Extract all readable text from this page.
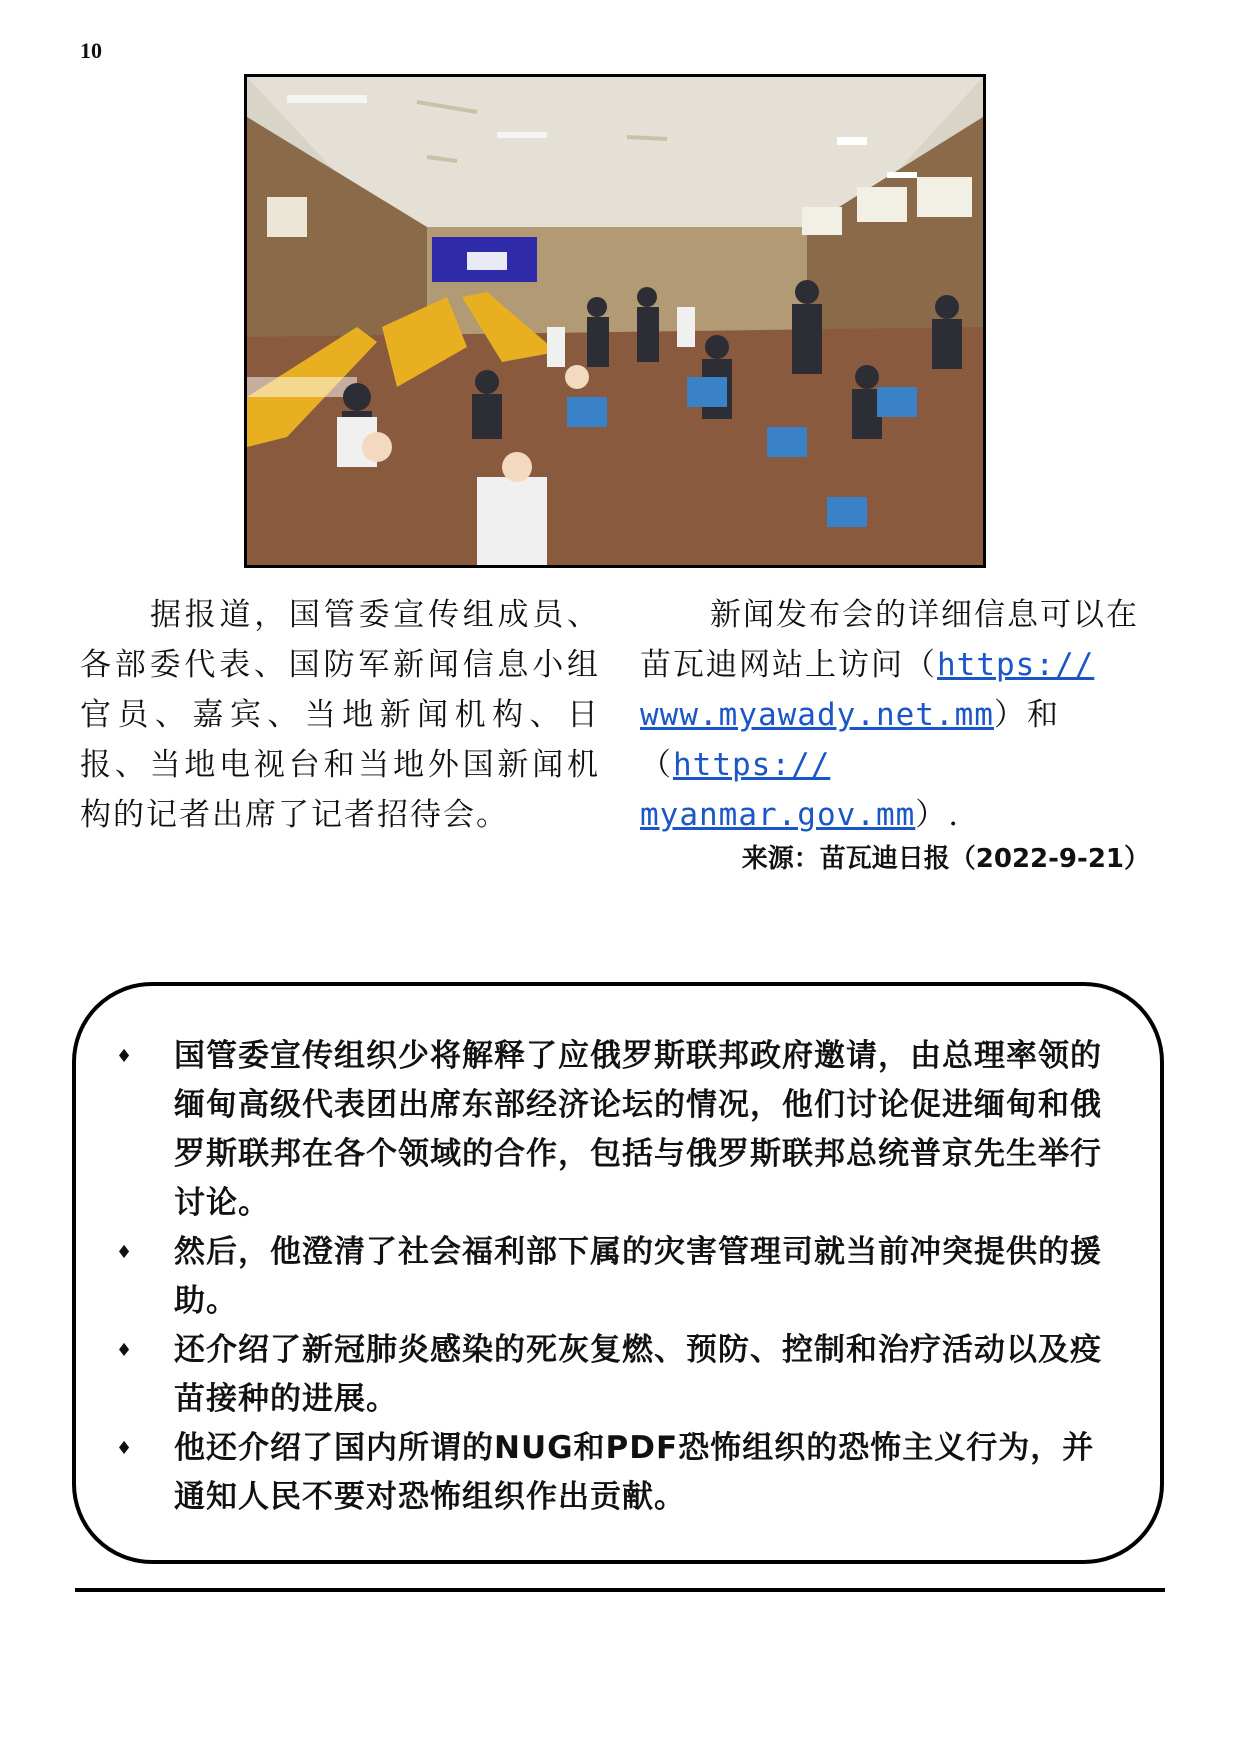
10

据报道，国管委宣传组成员、各部委代表、国防军新闻信息小组官员、嘉宾、当地新闻机构、日报、当地电视台和当地外国新闻机构的记者出席了记者招待会。

新闻发布会的详细信息可以在
苗瓦迪网站上访问（https://
www.myawady.net.mm）和（https://
myanmar.gov.mm）.

来源：苗瓦迪日报（2022-9-21）
♦ 国管委宣传组织少将解释了应俄罗斯联邦政府邀请，由总理率领的缅甸高级代表团出席东部经济论坛的情况，他们讨论促进缅甸和俄罗斯联邦在各个领域的合作，包括与俄罗斯联邦总统普京先生举行讨论。
♦ 然后，他澄清了社会福利部下属的灾害管理司就当前冲突提供的援助。
♦ 还介绍了新冠肺炎感染的死灰复燃、预防、控制和治疗活动以及疫苗接种的进展。
♦ 他还介绍了国内所谓的NUG和PDF恐怖组织的恐怖主义行为，并通知人民不要对恐怖组织作出贡献。
